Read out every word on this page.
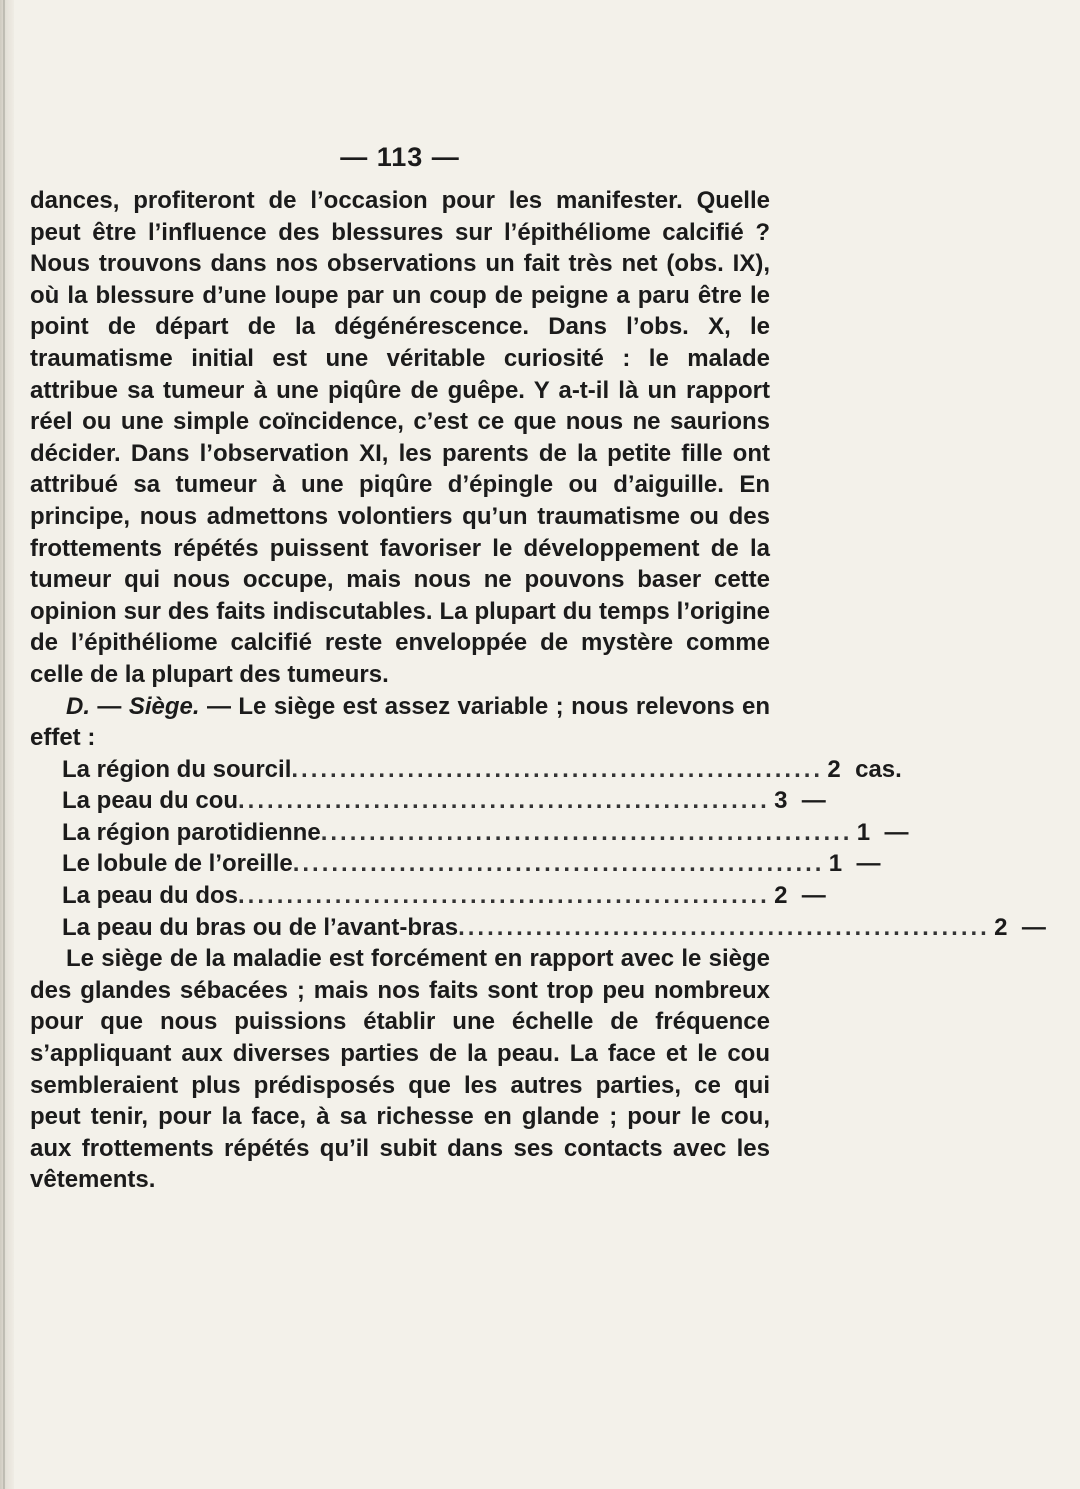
— 113 —

dances, profiteront de l’occasion pour les manifester. Quelle peut être l’influence des blessures sur l’épithéliome calcifié ? Nous trouvons dans nos observations un fait très net (obs. IX), où la blessure d’une loupe par un coup de peigne a paru être le point de départ de la dégénérescence. Dans l’obs. X, le traumatisme initial est une véritable curiosité : le malade attribue sa tumeur à une piqûre de guêpe. Y a-t-il là un rapport réel ou une simple coïncidence, c’est ce que nous ne saurions décider. Dans l’observation XI, les parents de la petite fille ont attribué sa tumeur à une piqûre d’épingle ou d’aiguille. En principe, nous admettons volontiers qu’un traumatisme ou des frottements répétés puissent favoriser le développement de la tumeur qui nous occupe, mais nous ne pouvons baser cette opinion sur des faits indiscutables. La plupart du temps l’origine de l’épithéliome calcifié reste enveloppée de mystère comme celle de la plupart des tumeurs.

D. — Siège. — Le siège est assez variable ; nous relevons en effet :

La région du sourcil ....................................................... 2 cas.
La peau du cou ....................................................... 3 —
La région parotidienne ....................................................... 1 —
Le lobule de l’oreille ....................................................... 1 —
La peau du dos ....................................................... 2 —
La peau du bras ou de l’avant-bras ....................................................... 2 —

Le siège de la maladie est forcément en rapport avec le siège des glandes sébacées ; mais nos faits sont trop peu nombreux pour que nous puissions établir une échelle de fréquence s’appliquant aux diverses parties de la peau. La face et le cou sembleraient plus prédisposés que les autres parties, ce qui peut tenir, pour la face, à sa richesse en glande ; pour le cou, aux frottements répétés qu’il subit dans ses contacts avec les vêtements.
